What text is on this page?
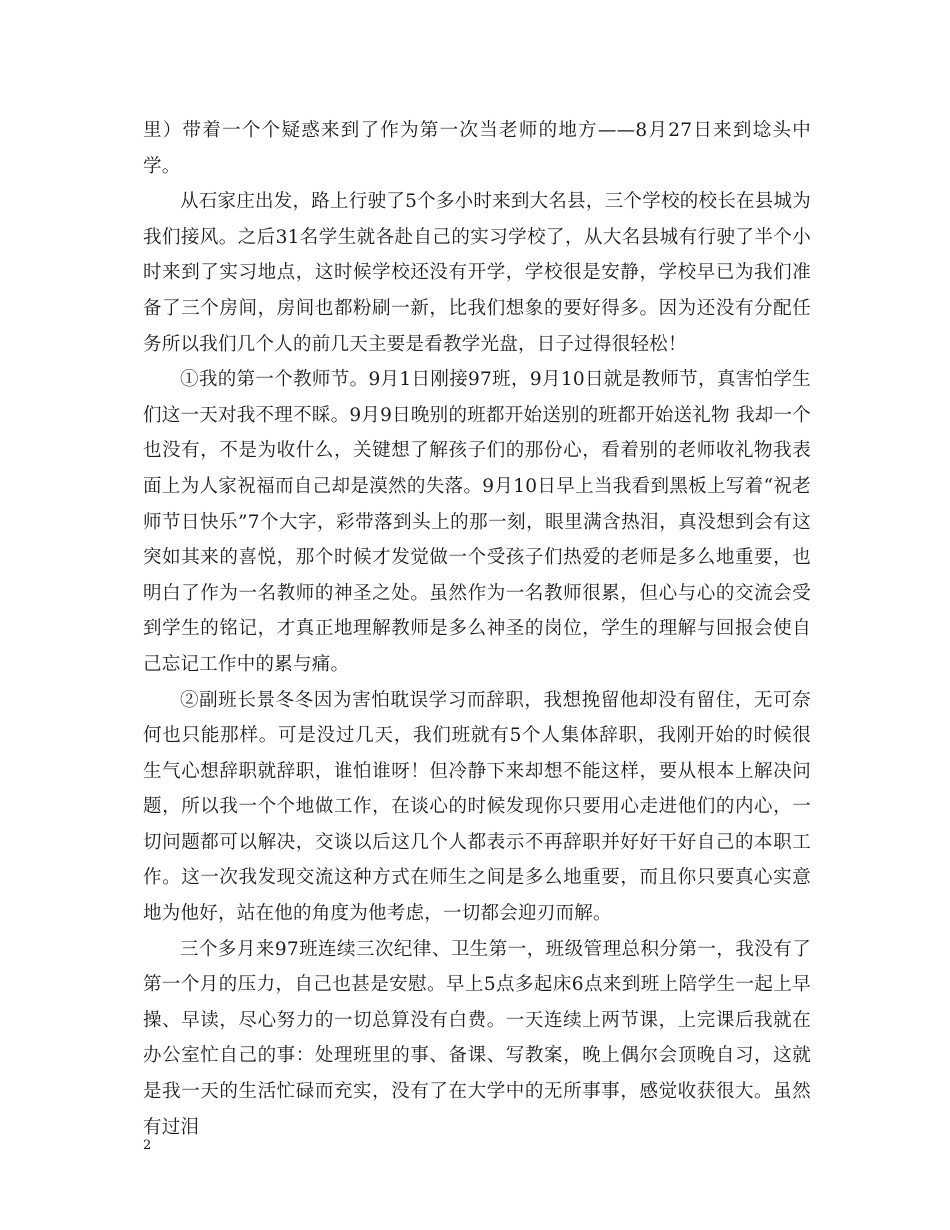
里）带着一个个疑惑来到了作为第一次当老师的地方——8月27日来到埝头中学。

从石家庄出发，路上行驶了5个多小时来到大名县，三个学校的校长在县城为我们接风。之后31名学生就各赴自己的实习学校了，从大名县城有行驶了半个小时来到了实习地点，这时候学校还没有开学，学校很是安静，学校早已为我们准备了三个房间，房间也都粉刷一新，比我们想象的要好得多。因为还没有分配任务所以我们几个人的前几天主要是看教学光盘，日子过得很轻松！

①我的第一个教师节。9月1日刚接97班，9月10日就是教师节，真害怕学生们这一天对我不理不睬。9月9日晚别的班都开始送别的班都开始送礼物 我却一个也没有，不是为收什么，关键想了解孩子们的那份心，看着别的老师收礼物我表面上为人家祝福而自己却是漠然的失落。9月10日早上当我看到黑板上写着“祝老师节日快乐”7个大字，彩带落到头上的那一刻，眼里满含热泪，真没想到会有这突如其来的喜悦，那个时候才发觉做一个受孩子们热爱的老师是多么地重要，也明白了作为一名教师的神圣之处。虽然作为一名教师很累，但心与心的交流会受到学生的铭记，才真正地理解教师是多么神圣的岗位，学生的理解与回报会使自己忘记工作中的累与痛。

②副班长景冬冬因为害怕耽误学习而辞职，我想挽留他却没有留住，无可奈何也只能那样。可是没过几天，我们班就有5个人集体辞职，我刚开始的时候很生气心想辞职就辞职，谁怕谁呀！但冷静下来却想不能这样，要从根本上解决问题，所以我一个个地做工作，在谈心的时候发现你只要用心走进他们的内心，一切问题都可以解决，交谈以后这几个人都表示不再辞职并好好干好自己的本职工作。这一次我发现交流这种方式在师生之间是多么地重要，而且你只要真心实意地为他好，站在他的角度为他考虑，一切都会迎刃而解。

三个多月来97班连续三次纪律、卫生第一，班级管理总积分第一，我没有了第一个月的压力，自己也甚是安慰。早上5点多起床6点来到班上陪学生一起上早操、早读，尽心努力的一切总算没有白费。一天连续上两节课，上完课后我就在办公室忙自己的事：处理班里的事、备课、写教案，晚上偶尔会顶晚自习，这就是我一天的生活忙碌而充实，没有了在大学中的无所事事，感觉收获很大。虽然有过泪

2
